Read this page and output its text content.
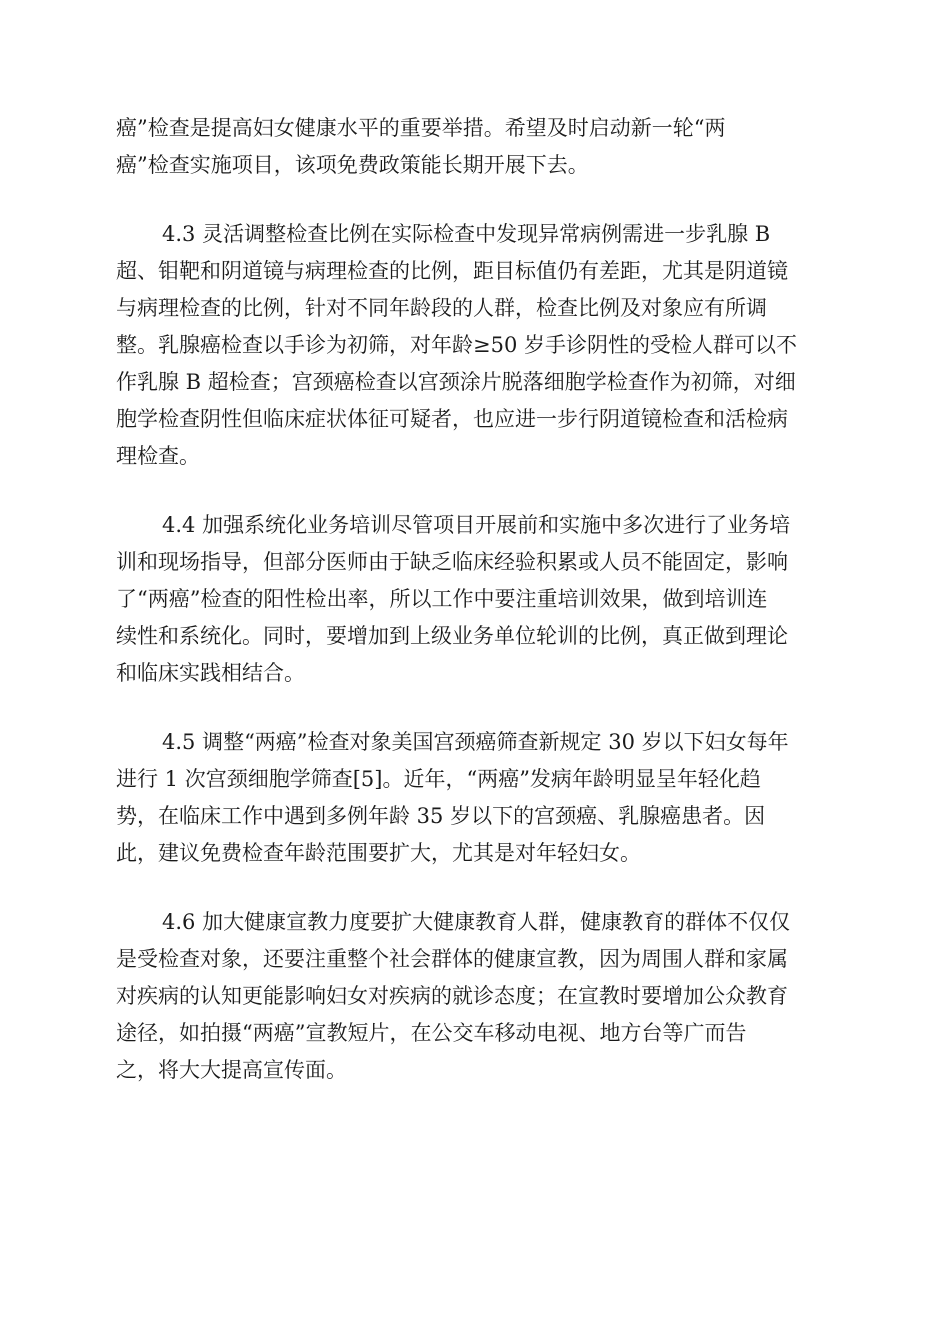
癌”检查是提高妇女健康水平的重要举措。希望及时启动新一轮“两
癌”检查实施项目，该项免费政策能长期开展下去。
4.3 灵活调整检查比例在实际检查中发现异常病例需进一步乳腺 B
超、钼靶和阴道镜与病理检查的比例，距目标值仍有差距，尤其是阴道镜
与病理检查的比例，针对不同年龄段的人群，检查比例及对象应有所调
整。乳腺癌检查以手诊为初筛，对年龄≥50 岁手诊阴性的受检人群可以不
作乳腺 B 超检查；宫颈癌检查以宫颈涂片脱落细胞学检查作为初筛，对细
胞学检查阴性但临床症状体征可疑者，也应进一步行阴道镜检查和活检病
理检查。
4.4 加强系统化业务培训尽管项目开展前和实施中多次进行了业务培
训和现场指导，但部分医师由于缺乏临床经验积累或人员不能固定，影响
了“两癌”检查的阳性检出率，所以工作中要注重培训效果，做到培训连
续性和系统化。同时，要增加到上级业务单位轮训的比例，真正做到理论
和临床实践相结合。
4.5 调整“两癌”检查对象美国宫颈癌筛查新规定 30 岁以下妇女每年
进行 1 次宫颈细胞学筛查[5]。近年，“两癌”发病年龄明显呈年轻化趋
势，在临床工作中遇到多例年龄 35 岁以下的宫颈癌、乳腺癌患者。因
此，建议免费检查年龄范围要扩大，尤其是对年轻妇女。
4.6 加大健康宣教力度要扩大健康教育人群，健康教育的群体不仅仅
是受检查对象，还要注重整个社会群体的健康宣教，因为周围人群和家属
对疾病的认知更能影响妇女对疾病的就诊态度；在宣教时要增加公众教育
途径，如拍摄“两癌”宣教短片，在公交车移动电视、地方台等广而告
之，将大大提高宣传面。
